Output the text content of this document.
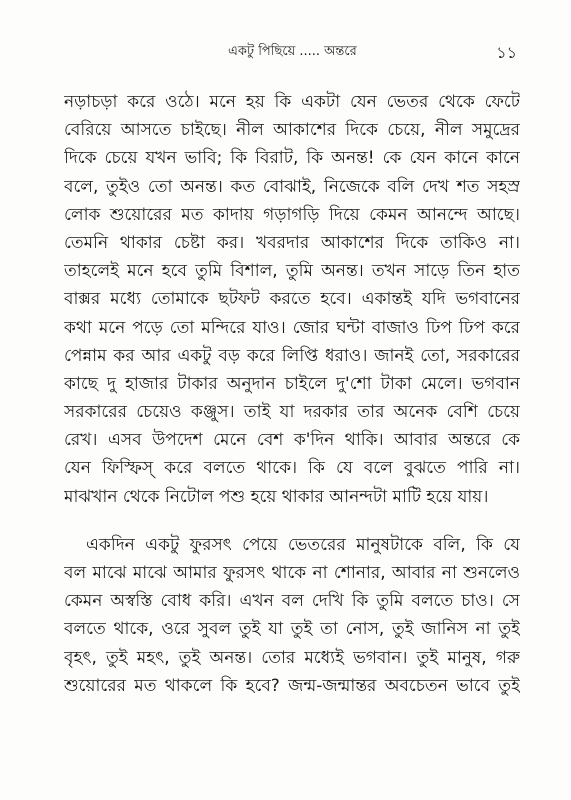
একটু পিছিয়ে ..... অন্তরে	১১

নড়াচড়া করে ওঠে। মনে হয় কি একটা যেন ভেতর থেকে ফেটে
বেরিয়ে আসতে চাইছে। নীল আকাশের দিকে চেয়ে, নীল সমুদ্রের
দিকে চেয়ে যখন ভাবি; কি বিরাট, কি অনন্ত! কে যেন কানে কানে
বলে, তুইও তো অনন্ত। কত বোঝাই, নিজেকে বলি দেখ শত সহস্র
লোক শুয়োরের মত কাদায় গড়াগড়ি দিয়ে কেমন আনন্দে আছে।
তেমনি থাকার চেষ্টা কর। খবরদার আকাশের দিকে তাকিও না।
তাহলেই মনে হবে তুমি বিশাল, তুমি অনন্ত। তখন সাড়ে তিন হাত
বাক্সর মধ্যে তোমাকে ছটফট করতে হবে। একান্তই যদি ভগবানের
কথা মনে পড়ে তো মন্দিরে যাও। জোর ঘন্টা বাজাও ঢিপ ঢিপ করে
পেন্নাম কর আর একটু বড় করে লিপ্তি ধরাও। জানই তো, সরকারের
কাছে দু হাজার টাকার অনুদান চাইলে দু'শো টাকা মেলে। ভগবান
সরকারের চেয়েও কঞ্জুস। তাই যা দরকার তার অনেক বেশি চেয়ে
রেখ। এসব উপদেশ মেনে বেশ ক'দিন থাকি। আবার অন্তরে কে
যেন ফিস্ফিস্ করে বলতে থাকে। কি যে বলে বুঝতে পারি না।
মাঝখান থেকে নিটোল পশু হয়ে থাকার আনন্দটা মাটি হয়ে যায়।

একদিন একটু ফুরসৎ পেয়ে ভেতরের মানুষটাকে বলি, কি যে
বল মাঝে মাঝে আমার ফুরসৎ থাকে না শোনার, আবার না শুনলেও
কেমন অস্বস্তি বোধ করি। এখন বল দেখি কি তুমি বলতে চাও। সে
বলতে থাকে, ওরে সুবল তুই যা তুই তা নোস, তুই জানিস না তুই
বৃহৎ, তুই মহৎ, তুই অনন্ত। তোর মধ্যেই ভগবান। তুই মানুষ, গরু
শুয়োরের মত থাকলে কি হবে? জন্ম-জন্মান্তর অবচেতন ভাবে তুই
